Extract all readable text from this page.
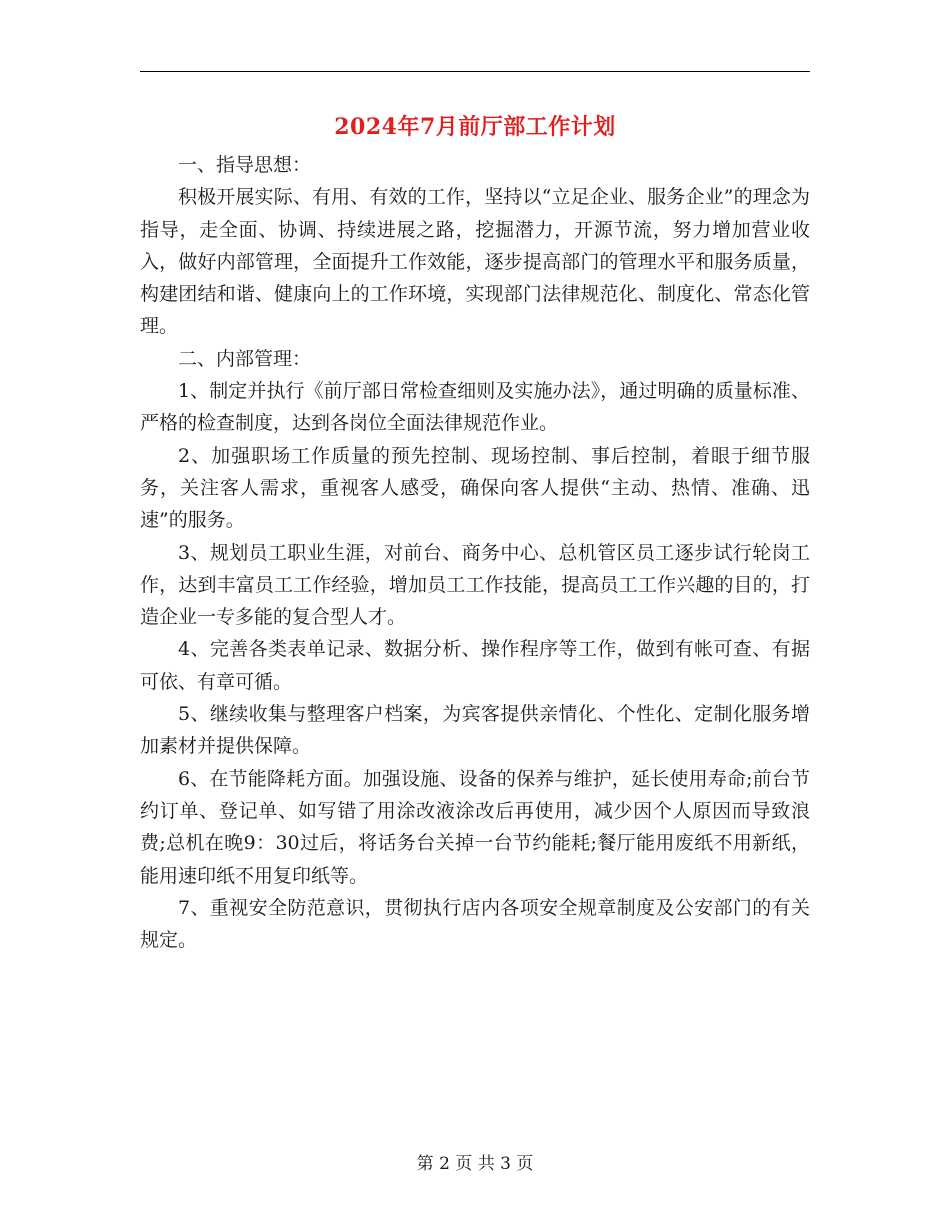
2024年7月前厅部工作计划

一、指导思想：

积极开展实际、有用、有效的工作，坚持以“立足企业、服务企业”的理念为指导，走全面、协调、持续进展之路，挖掘潜力，开源节流，努力增加营业收入，做好内部管理，全面提升工作效能，逐步提高部门的管理水平和服务质量，构建团结和谐、健康向上的工作环境，实现部门法律规范化、制度化、常态化管理。

二、内部管理：

1、制定并执行《前厅部日常检查细则及实施办法》，通过明确的质量标准、严格的检查制度，达到各岗位全面法律规范作业。

2、加强职场工作质量的预先控制、现场控制、事后控制，着眼于细节服务，关注客人需求，重视客人感受，确保向客人提供“主动、热情、准确、迅速”的服务。

3、规划员工职业生涯，对前台、商务中心、总机管区员工逐步试行轮岗工作，达到丰富员工工作经验，增加员工工作技能，提高员工工作兴趣的目的，打造企业一专多能的复合型人才。

4、完善各类表单记录、数据分析、操作程序等工作，做到有帐可查、有据可依、有章可循。

5、继续收集与整理客户档案，为宾客提供亲情化、个性化、定制化服务增加素材并提供保障。

6、在节能降耗方面。加强设施、设备的保养与维护，延长使用寿命;前台节约订单、登记单、如写错了用涂改液涂改后再使用，减少因个人原因而导致浪费;总机在晚9：30过后，将话务台关掉一台节约能耗;餐厅能用废纸不用新纸，能用速印纸不用复印纸等。

7、重视安全防范意识，贯彻执行店内各项安全规章制度及公安部门的有关规定。

第 2 页 共 3 页
